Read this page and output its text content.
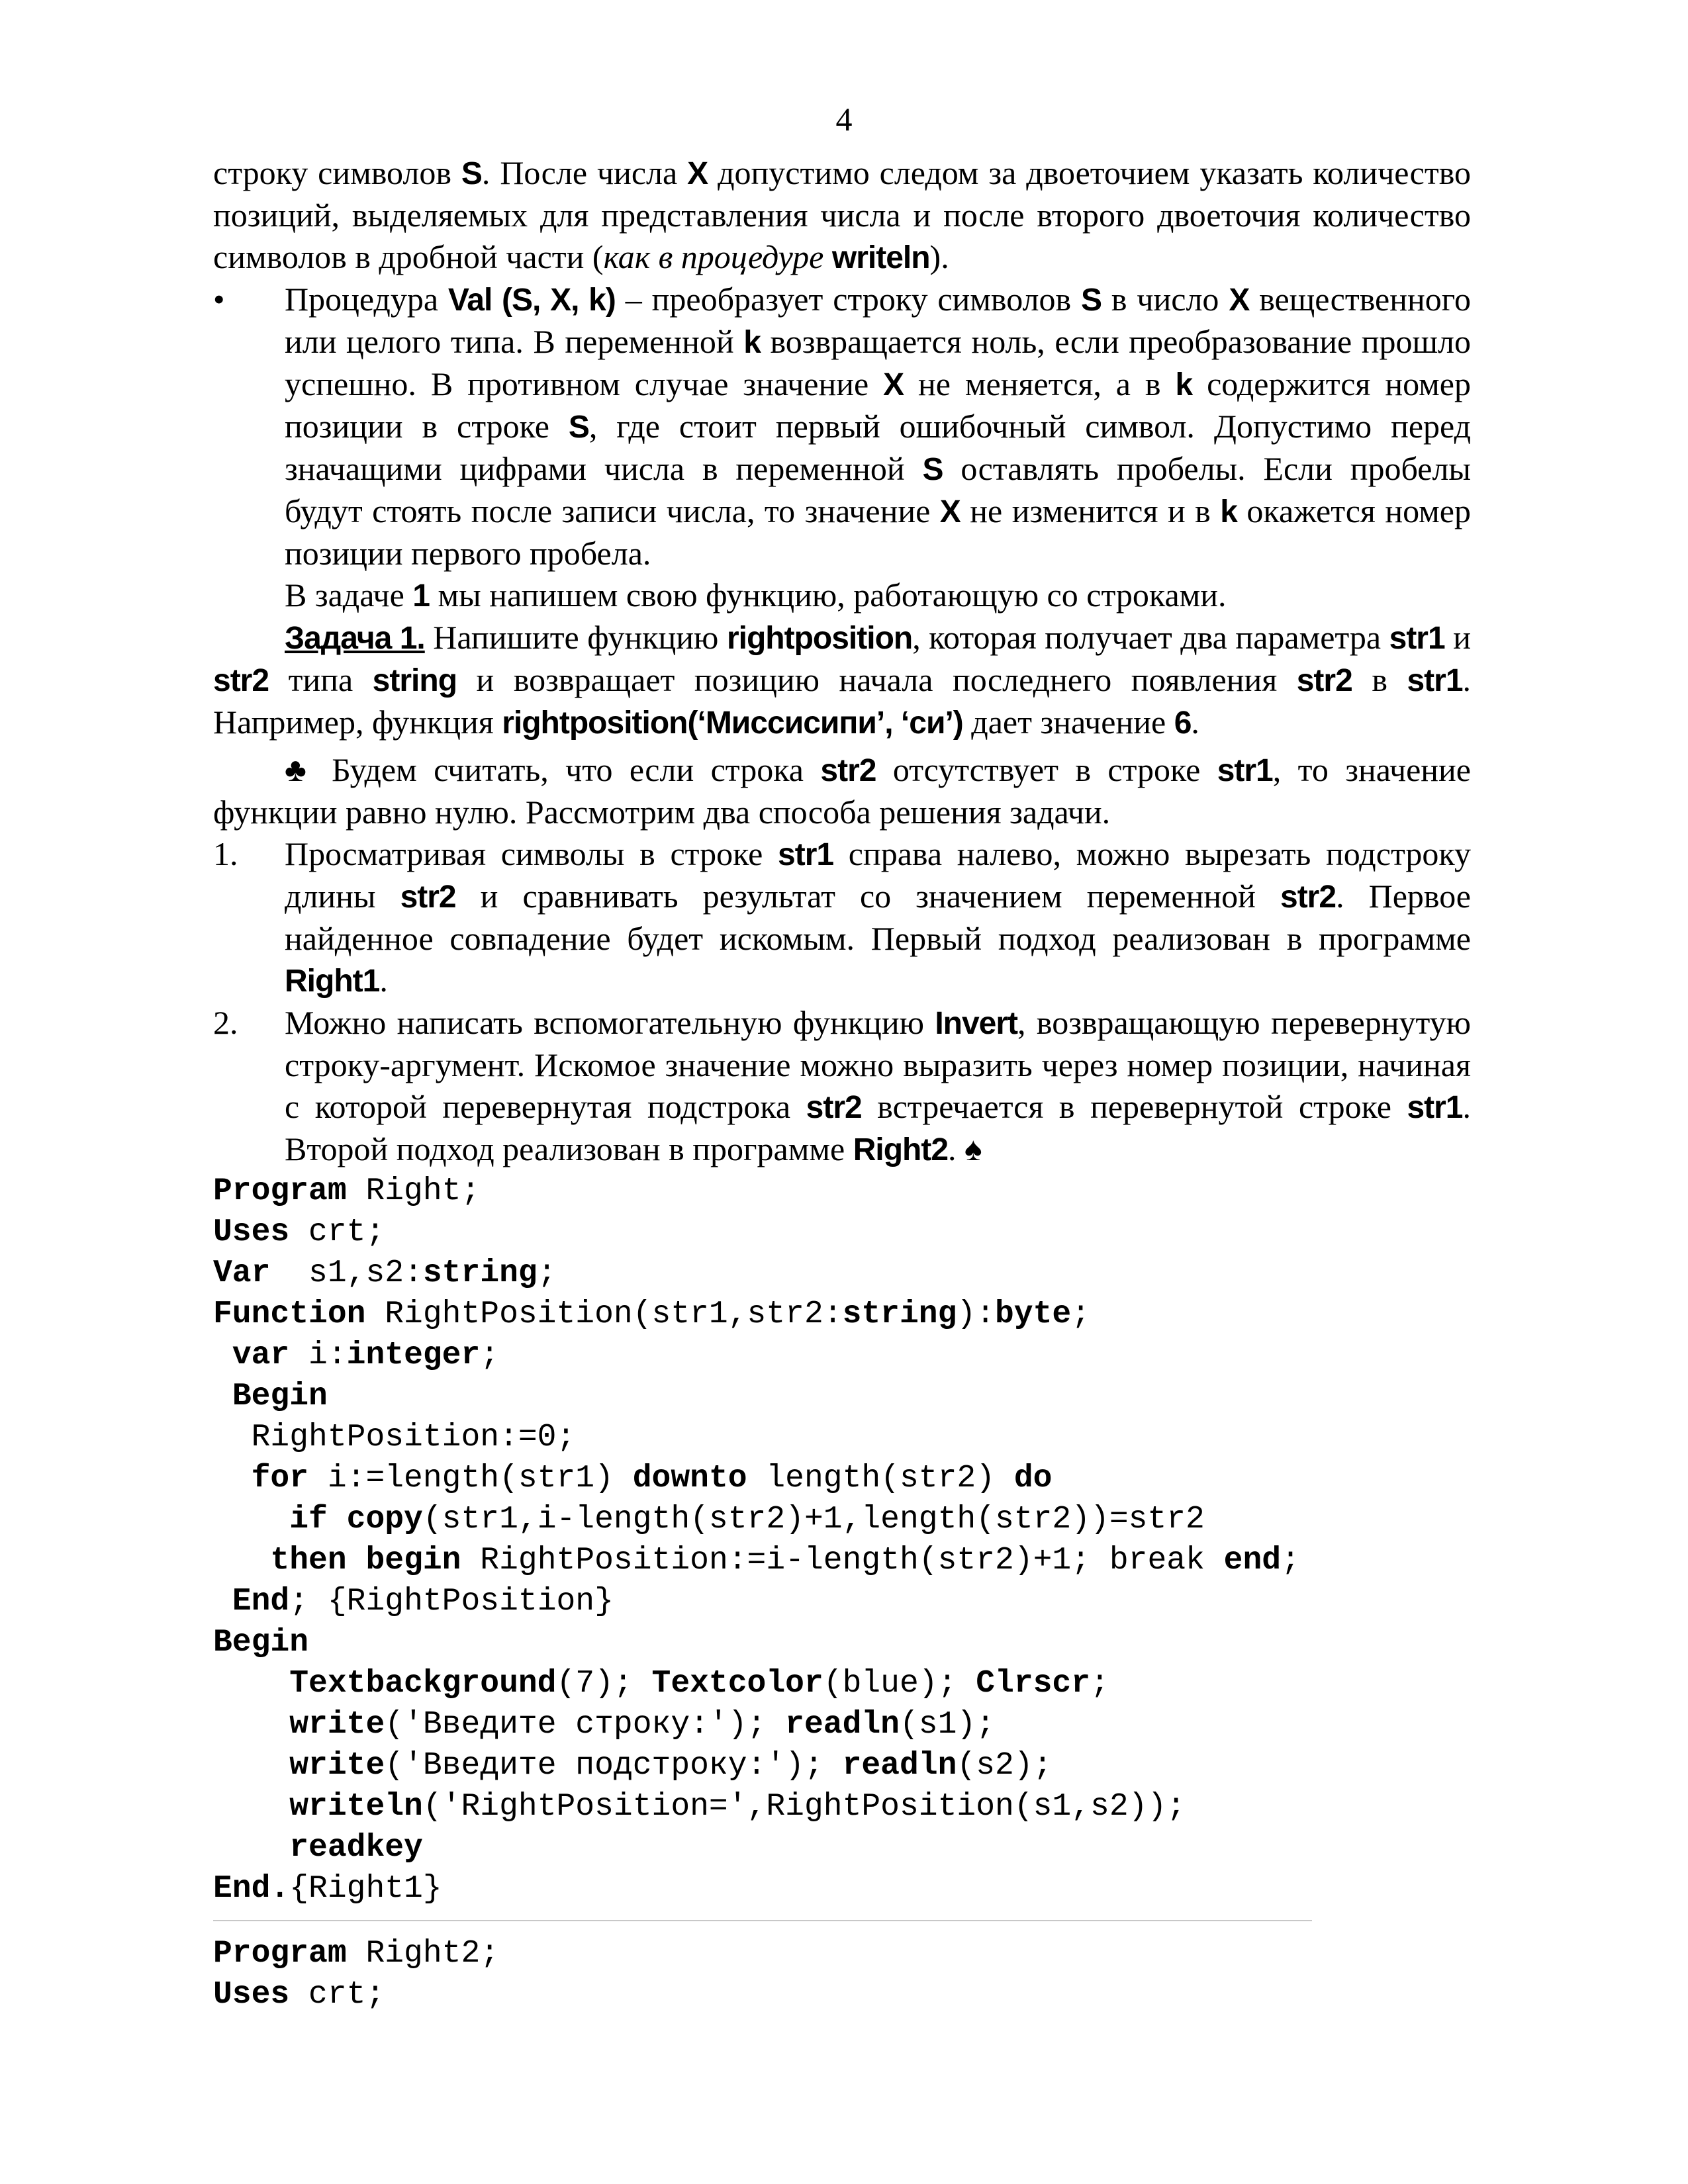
4

строку символов S. После числа X допустимо следом за двоеточием указать количество позиций, выделяемых для представления числа и после второго двоеточия количество символов в дробной части (как в процедуре writeln).

• Процедура Val (S, X, k) – преобразует строку символов S в число X вещественного или целого типа. В переменной k возвращается ноль, если преобразование прошло успешно. В противном случае значение X не меняется, а в k содержится номер позиции в строке S, где стоит первый ошибочный символ. Допустимо перед значащими цифрами числа в переменной S оставлять пробелы. Если пробелы будут стоять после записи числа, то значение X не изменится и в k окажется номер позиции первого пробела.

В задаче 1 мы напишем свою функцию, работающую со строками.

Задача 1. Напишите функцию rightposition, которая получает два параметра str1 и str2 типа string и возвращает позицию начала последнего появления str2 в str1. Например, функция rightposition(‘Миссисипи’, ‘си’) дает значение 6.

♣ Будем считать, что если строка str2 отсутствует в строке str1, то значение функции равно нулю. Рассмотрим два способа решения задачи.

1. Просматривая символы в строке str1 справа налево, можно вырезать подстроку длины str2 и сравнивать результат со значением переменной str2. Первое найденное совпадение будет искомым. Первый подход реализован в программе Right1.

2. Можно написать вспомогательную функцию Invert, возвращающую перевернутую строку-аргумент. Искомое значение можно выразить через номер позиции, начиная с которой перевернутая подстрока str2 встречается в перевернутой строке str1. Второй подход реализован в программе Right2. ♠

Program Right;
Uses crt;
Var  s1,s2:string;
Function RightPosition(str1,str2:string):byte;
var i:integer;
Begin
RightPosition:=0;
for i:=length(str1) downto length(str2) do
if copy(str1,i-length(str2)+1,length(str2))=str2
then begin RightPosition:=i-length(str2)+1; break end;
End; {RightPosition}
Begin
Textbackground(7); Textcolor(blue); Clrscr;
write('Введите строку:'); readln(s1);
write('Введите подстроку:'); readln(s2);
writeln('RightPosition=',RightPosition(s1,s2));
readkey
End.{Right1}
Program Right2;
Uses crt;
